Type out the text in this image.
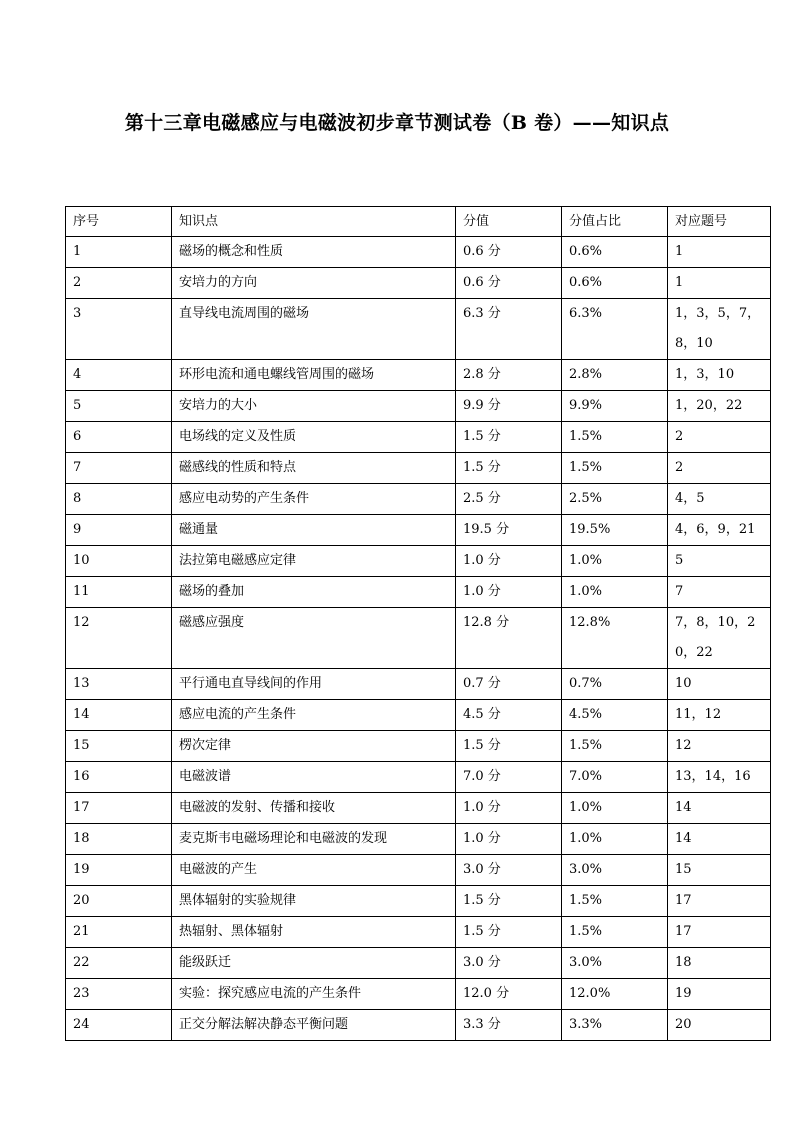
第十三章电磁感应与电磁波初步章节测试卷（B 卷）——知识点
序号	知识点	分值	分值占比	对应题号

1	磁场的概念和性质	0.6 分	0.6%	1

2	安培力的方向	0.6 分	0.6%	1

3	直导线电流周围的磁场	6.3 分	6.3%	1，3，5，7，8，10

4	环形电流和通电螺线管周围的磁场	2.8 分	2.8%	1，3，10

5	安培力的大小	9.9 分	9.9%	1，20，22

6	电场线的定义及性质	1.5 分	1.5%	2

7	磁感线的性质和特点	1.5 分	1.5%	2

8	感应电动势的产生条件	2.5 分	2.5%	4，5

9	磁通量	19.5 分	19.5%	4，6，9，21

10	法拉第电磁感应定律	1.0 分	1.0%	5

11	磁场的叠加	1.0 分	1.0%	7

12	磁感应强度	12.8 分	12.8%	7，8，10，20，22

13	平行通电直导线间的作用	0.7 分	0.7%	10

14	感应电流的产生条件	4.5 分	4.5%	11，12

15	楞次定律	1.5 分	1.5%	12

16	电磁波谱	7.0 分	7.0%	13，14，16

17	电磁波的发射、传播和接收	1.0 分	1.0%	14

18	麦克斯韦电磁场理论和电磁波的发现	1.0 分	1.0%	14

19	电磁波的产生	3.0 分	3.0%	15

20	黑体辐射的实验规律	1.5 分	1.5%	17

21	热辐射、黑体辐射	1.5 分	1.5%	17

22	能级跃迁	3.0 分	3.0%	18

23	实验：探究感应电流的产生条件	12.0 分	12.0%	19

24	正交分解法解决静态平衡问题	3.3 分	3.3%	20
